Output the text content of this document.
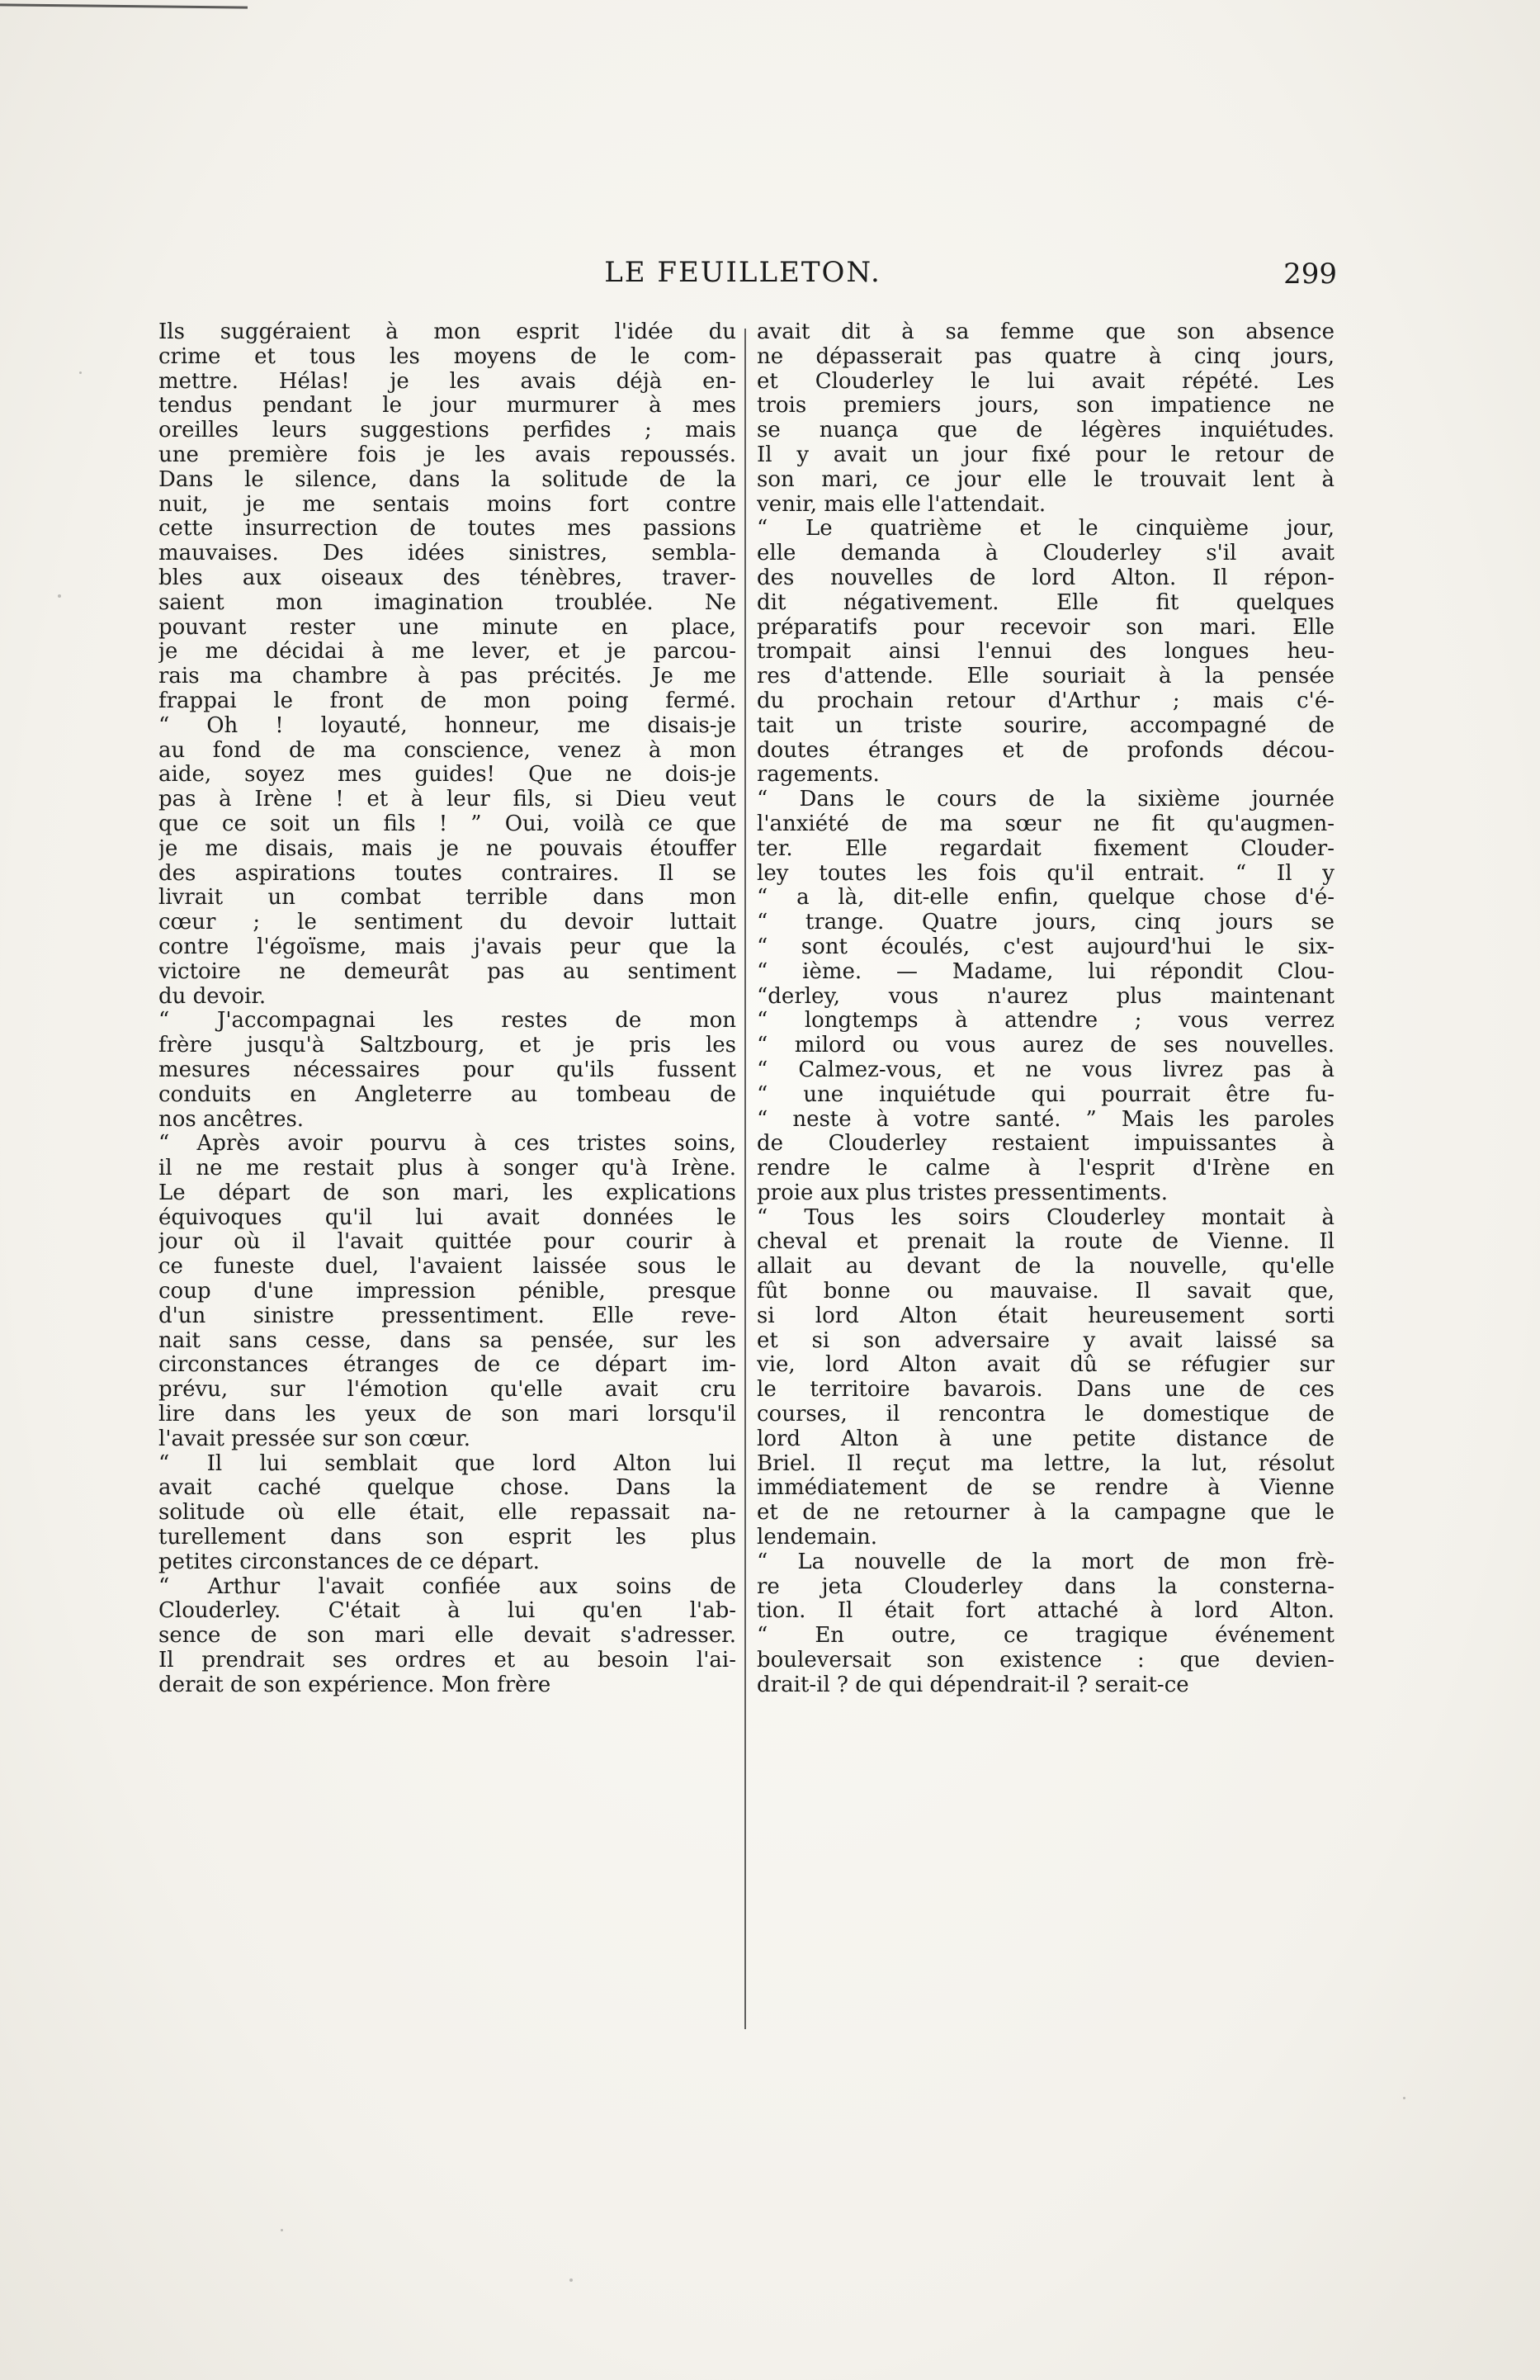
LE FEUILLETON.	299
Ils suggéraient à mon esprit l'idée du
crime et tous les moyens de le com-
mettre. Hélas! je les avais déjà en-
tendus pendant le jour murmurer à mes
oreilles leurs suggestions perfides ; mais
une première fois je les avais repoussés.
Dans le silence, dans la solitude de la
nuit, je me sentais moins fort contre
cette insurrection de toutes mes passions
mauvaises. Des idées sinistres, sembla-
bles aux oiseaux des ténèbres, traver-
saient mon imagination troublée. Ne
pouvant rester une minute en place,
je me décidai à me lever, et je parcou-
rais ma chambre à pas précités. Je me
frappai le front de mon poing fermé.
“ Oh ! loyauté, honneur, me disais-je
au fond de ma conscience, venez à mon
aide, soyez mes guides! Que ne dois-je
pas à Irène ! et à leur fils, si Dieu veut
que ce soit un fils ! ” Oui, voilà ce que
je me disais, mais je ne pouvais étouffer
des aspirations toutes contraires. Il se
livrait un combat terrible dans mon
cœur ; le sentiment du devoir luttait
contre l'égoïsme, mais j'avais peur que la
victoire ne demeurât pas au sentiment
du devoir.
“ J'accompagnai les restes de mon
frère jusqu'à Saltzbourg, et je pris les
mesures nécessaires pour qu'ils fussent
conduits en Angleterre au tombeau de
nos ancêtres.
“ Après avoir pourvu à ces tristes soins,
il ne me restait plus à songer qu'à Irène.
Le départ de son mari, les explications
équivoques qu'il lui avait données le
jour où il l'avait quittée pour courir à
ce funeste duel, l'avaient laissée sous le
coup d'une impression pénible, presque
d'un sinistre pressentiment. Elle reve-
nait sans cesse, dans sa pensée, sur les
circonstances étranges de ce départ im-
prévu, sur l'émotion qu'elle avait cru
lire dans les yeux de son mari lorsqu'il
l'avait pressée sur son cœur.
“ Il lui semblait que lord Alton lui
avait caché quelque chose. Dans la
solitude où elle était, elle repassait na-
turellement dans son esprit les plus
petites circonstances de ce départ.
“ Arthur l'avait confiée aux soins de
Clouderley. C'était à lui qu'en l'ab-
sence de son mari elle devait s'adresser.
Il prendrait ses ordres et au besoin l'ai-
derait de son expérience. Mon frère
avait dit à sa femme que son absence
ne dépasserait pas quatre à cinq jours,
et Clouderley le lui avait répété. Les
trois premiers jours, son impatience ne
se nuança que de légères inquiétudes.
Il y avait un jour fixé pour le retour de
son mari, ce jour elle le trouvait lent à
venir, mais elle l'attendait.
“ Le quatrième et le cinquième jour,
elle demanda à Clouderley s'il avait
des nouvelles de lord Alton. Il répon-
dit négativement. Elle fit quelques
préparatifs pour recevoir son mari. Elle
trompait ainsi l'ennui des longues heu-
res d'attende. Elle souriait à la pensée
du prochain retour d'Arthur ; mais c'é-
tait un triste sourire, accompagné de
doutes étranges et de profonds décou-
ragements.
“ Dans le cours de la sixième journée
l'anxiété de ma sœur ne fit qu'augmen-
ter. Elle regardait fixement Clouder-
ley toutes les fois qu'il entrait. “ Il y
“ a là, dit-elle enfin, quelque chose d'é-
“ trange. Quatre jours, cinq jours se
“ sont écoulés, c'est aujourd'hui le six-
“ ième. — Madame, lui répondit Clou-
“derley, vous n'aurez plus maintenant
“ longtemps à attendre ; vous verrez
“ milord ou vous aurez de ses nouvelles.
“ Calmez-vous, et ne vous livrez pas à
“ une inquiétude qui pourrait être fu-
“ neste à votre santé. ” Mais les paroles
de Clouderley restaient impuissantes à
rendre le calme à l'esprit d'Irène en
proie aux plus tristes pressentiments.
“ Tous les soirs Clouderley montait à
cheval et prenait la route de Vienne. Il
allait au devant de la nouvelle, qu'elle
fût bonne ou mauvaise. Il savait que,
si lord Alton était heureusement sorti
et si son adversaire y avait laissé sa
vie, lord Alton avait dû se réfugier sur
le territoire bavarois. Dans une de ces
courses, il rencontra le domestique de
lord Alton à une petite distance de
Briel. Il reçut ma lettre, la lut, résolut
immédiatement de se rendre à Vienne
et de ne retourner à la campagne que le
lendemain.
“ La nouvelle de la mort de mon frè-
re jeta Clouderley dans la consterna-
tion. Il était fort attaché à lord Alton.
“ En outre, ce tragique événement
bouleversait son existence : que devien-
drait-il ? de qui dépendrait-il ? serait-ce
